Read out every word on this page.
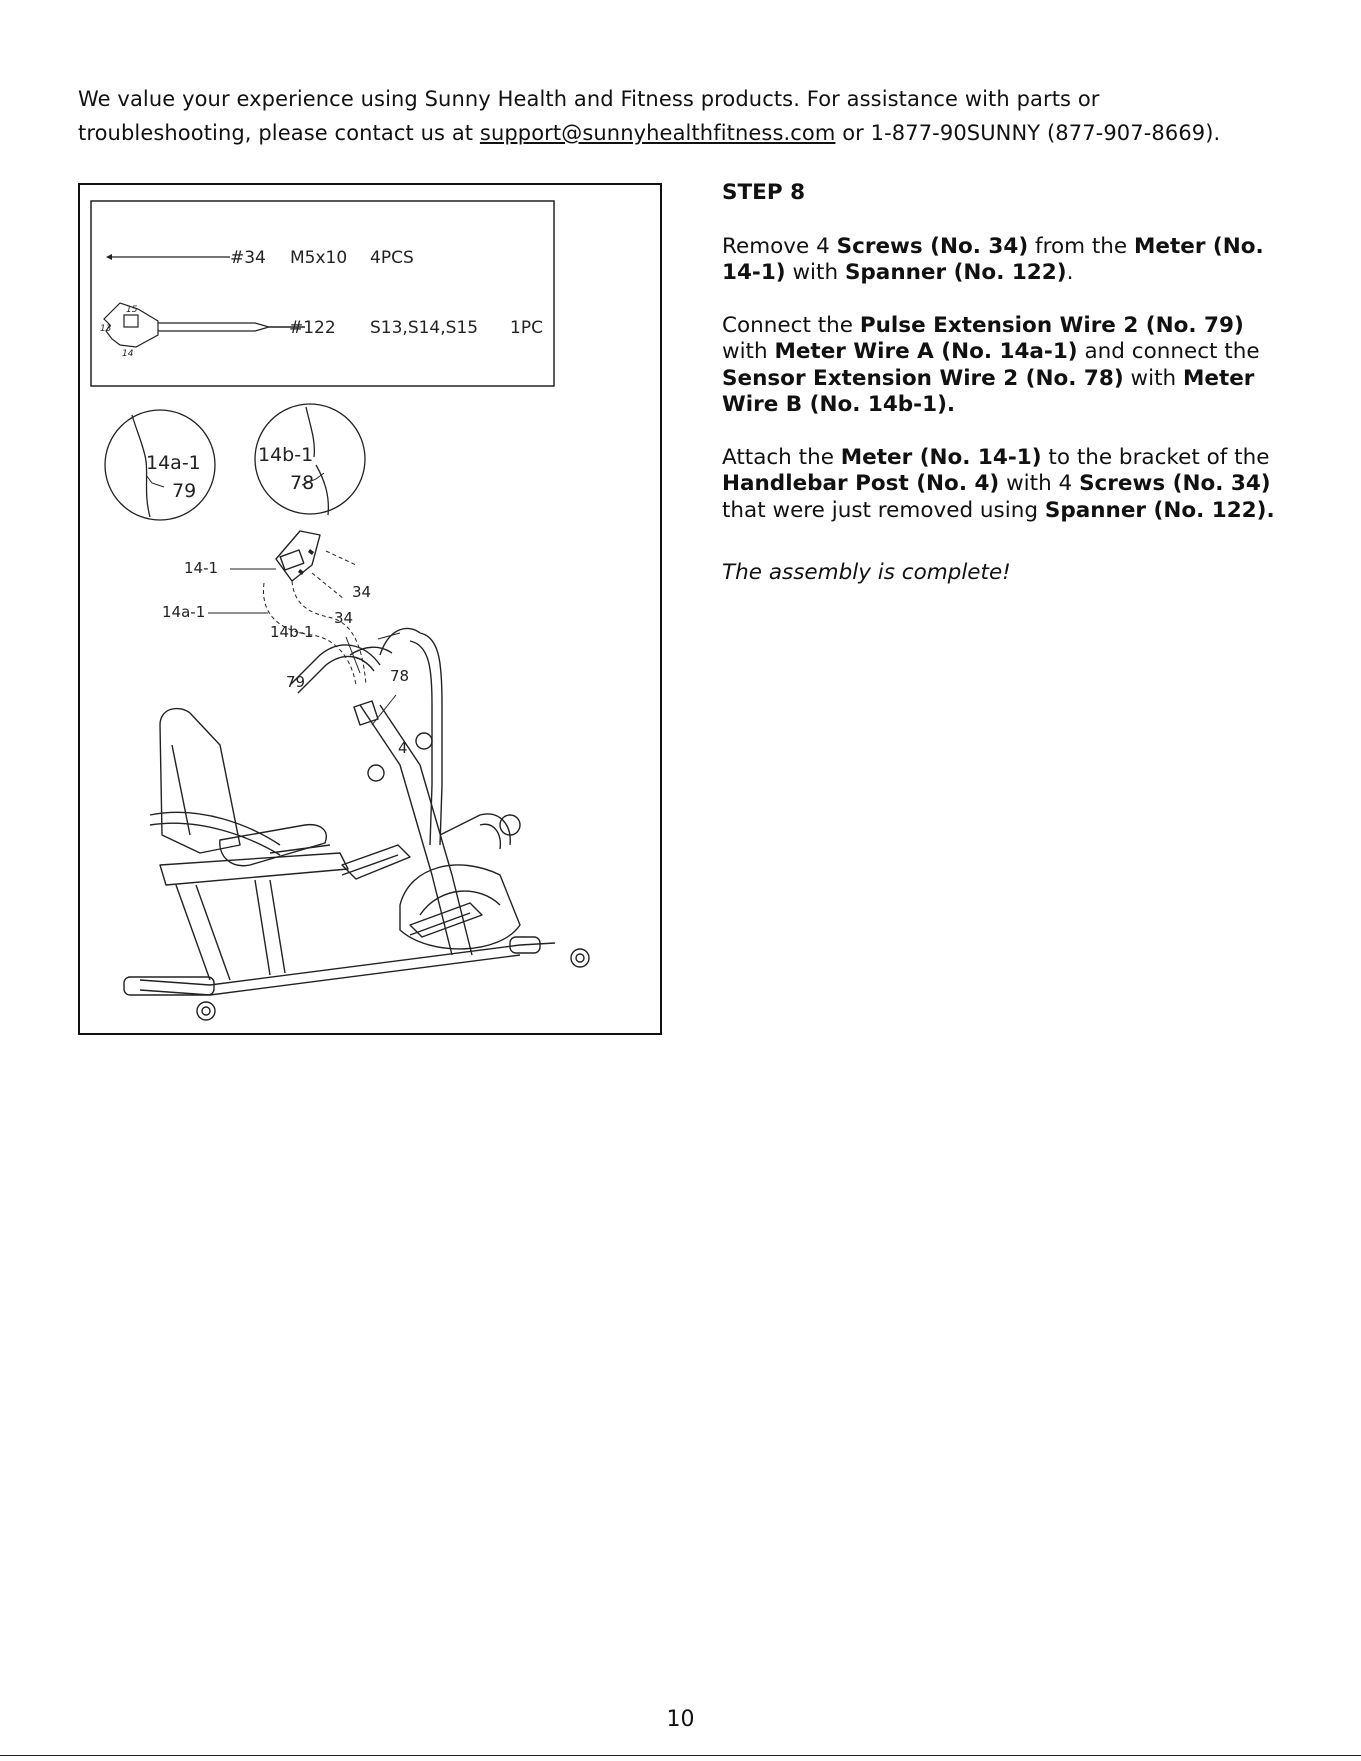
We value your experience using Sunny Health and Fitness products. For assistance with parts or
troubleshooting, please contact us at support@sunnyhealthfitness.com or 1-877-90SUNNY (877-907-8669).
#34 M5x10 4PCS
15
13
14
#122 S13,S14,S15 1PC
14a-1
79
14b-1
78
14-1
14a-1
14b-1
34
34
79	78
4

STEP 8

Remove 4 Screws (No. 34) from the Meter (No. 14-1) with Spanner (No. 122).

Connect the Pulse Extension Wire 2 (No. 79) with Meter Wire A (No. 14a-1) and connect the Sensor Extension Wire 2 (No. 78) with Meter Wire B (No. 14b-1).

Attach the Meter (No. 14-1) to the bracket of the Handlebar Post (No. 4) with 4 Screws (No. 34) that were just removed using Spanner (No. 122).

The assembly is complete!

10
